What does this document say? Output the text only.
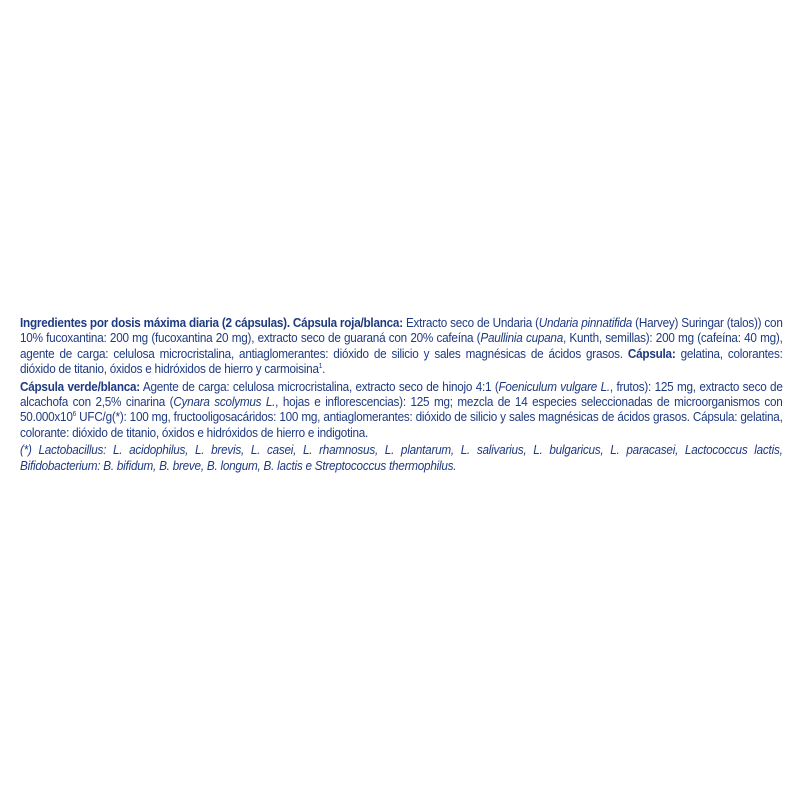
Ingredientes por dosis máxima diaria (2 cápsulas). Cápsula roja/blanca: Extracto seco de Undaria (Undaria pinnatifida (Harvey) Suringar (talos)) con 10% fucoxantina: 200 mg (fucoxantina 20 mg), extracto seco de guaraná con 20% cafeína (Paullinia cupana, Kunth, semillas): 200 mg (cafeína: 40 mg), agente de carga: celulosa microcristalina, antiaglomerantes: dióxido de silicio y sales magnésicas de ácidos grasos. Cápsula: gelatina, colorantes: dióxido de titanio, óxidos e hidróxidos de hierro y carmoisina$^1$.

Cápsula verde/blanca: Agente de carga: celulosa microcristalina, extracto seco de hinojo 4:1 (Foeniculum vulgare L., frutos): 125 mg, extracto seco de alcachofa con 2,5% cinarina (Cynara scolymus L., hojas e inflorescencias): 125 mg; mezcla de 14 especies seleccionadas de microorganismos con $50.000x10^6$ UFC/g(*): 100 mg, fructooligosacáridos: 100 mg, antiaglomerantes: dióxido de silicio y sales magnésicas de ácidos grasos. Cápsula: gelatina, colorante: dióxido de titanio, óxidos e hidróxidos de hierro e indigotina.

(*) Lactobacillus: L. acidophilus, L. brevis, L. casei, L. rhamnosus, L. plantarum, L. salivarius, L. bulgaricus, L. paracasei, Lactococcus lactis, Bifidobacterium: B. bifidum, B. breve, B. longum, B. lactis e Streptococcus thermophilus.
